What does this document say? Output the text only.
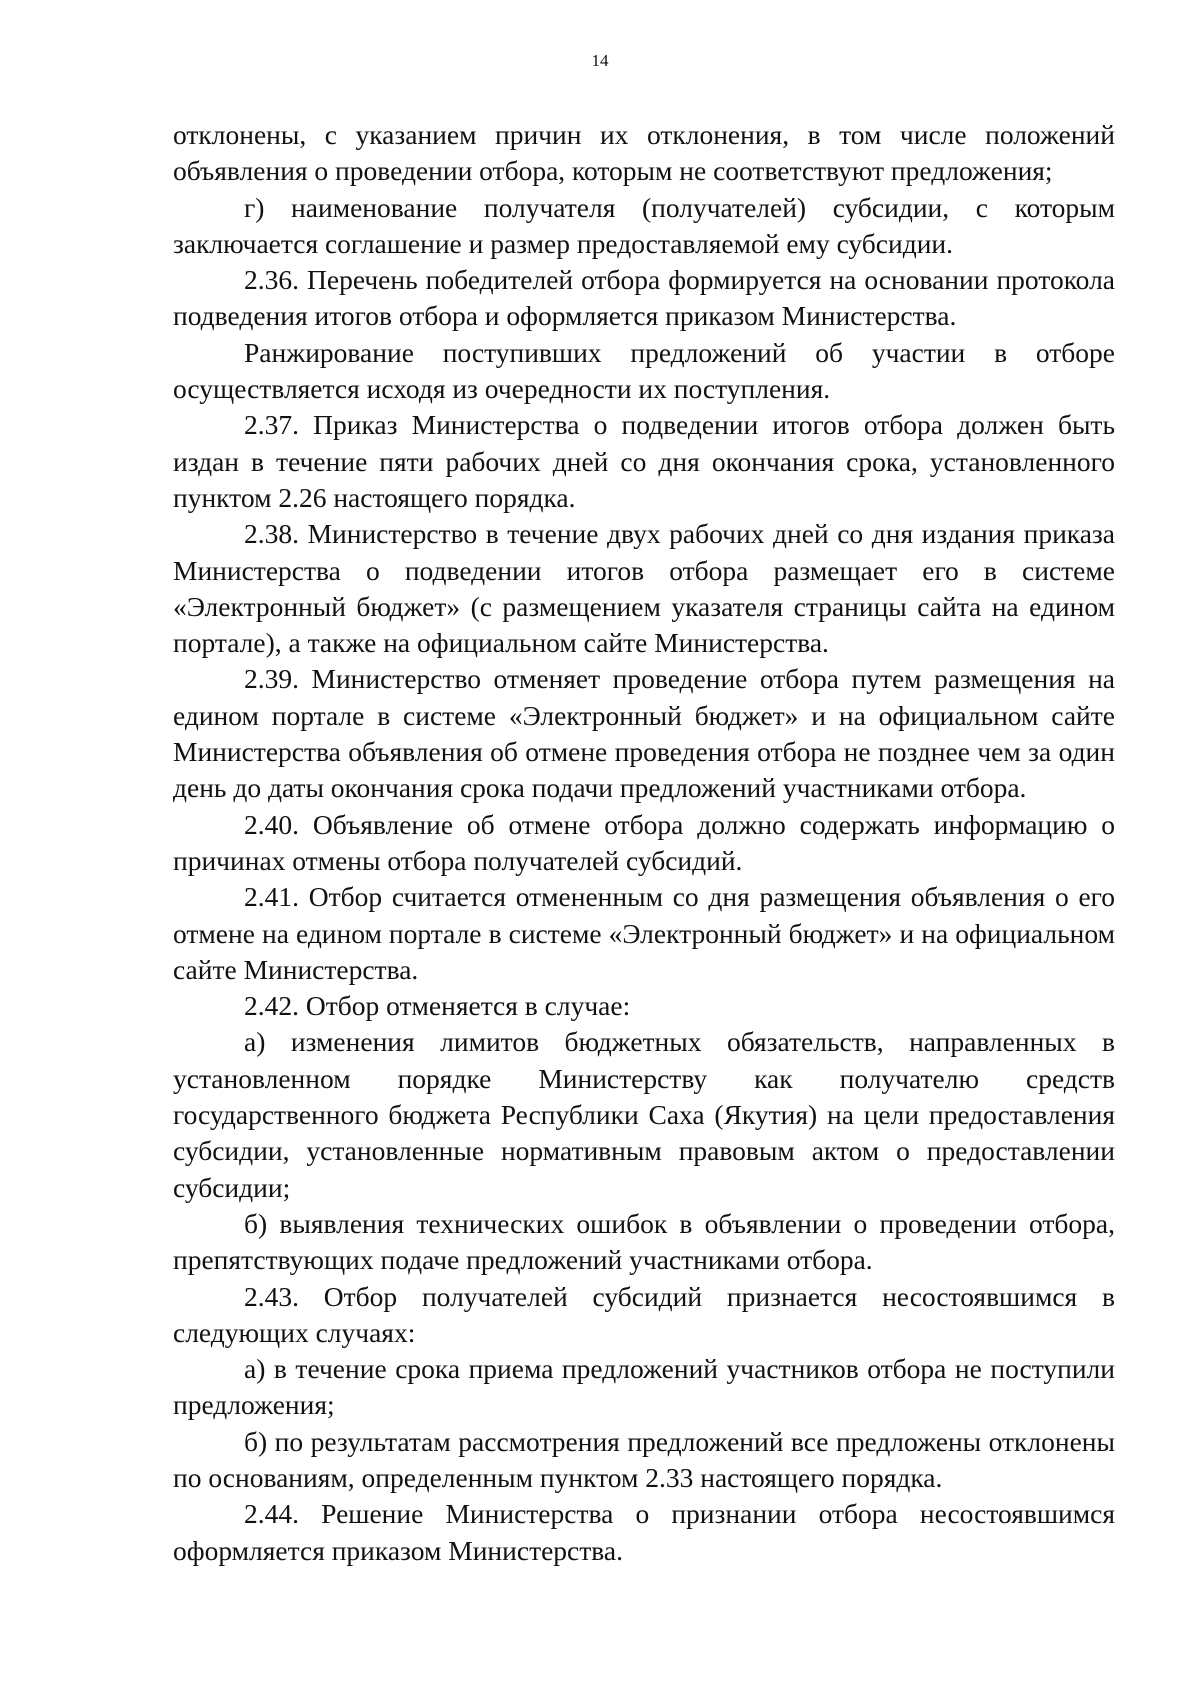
14

отклонены, с указанием причин их отклонения, в том числе положений объявления о проведении отбора, которым не соответствуют предложения;

г) наименование получателя (получателей) субсидии, с которым заключается соглашение и размер предоставляемой ему субсидии.

2.36. Перечень победителей отбора формируется на основании протокола подведения итогов отбора и оформляется приказом Министерства.

Ранжирование поступивших предложений об участии в отборе осуществляется исходя из очередности их поступления.

2.37. Приказ Министерства о подведении итогов отбора должен быть издан в течение пяти рабочих дней со дня окончания срока, установленного пунктом 2.26 настоящего порядка.

2.38. Министерство в течение двух рабочих дней со дня издания приказа Министерства о подведении итогов отбора размещает его в системе «Электронный бюджет» (с размещением указателя страницы сайта на едином портале), а также на официальном сайте Министерства.

2.39. Министерство отменяет проведение отбора путем размещения на едином портале в системе «Электронный бюджет» и на официальном сайте Министерства объявления об отмене проведения отбора не позднее чем за один день до даты окончания срока подачи предложений участниками отбора.

2.40. Объявление об отмене отбора должно содержать информацию о причинах отмены отбора получателей субсидий.

2.41. Отбор считается отмененным со дня размещения объявления о его отмене на едином портале в системе «Электронный бюджет» и на официальном сайте Министерства.

2.42. Отбор отменяется в случае:

а) изменения лимитов бюджетных обязательств, направленных в установленном порядке Министерству как получателю средств государственного бюджета Республики Саха (Якутия) на цели предоставления субсидии, установленные нормативным правовым актом о предоставлении субсидии;

б) выявления технических ошибок в объявлении о проведении отбора, препятствующих подаче предложений участниками отбора.

2.43. Отбор получателей субсидий признается несостоявшимся в следующих случаях:

а) в течение срока приема предложений участников отбора не поступили предложения;

б) по результатам рассмотрения предложений все предложены отклонены по основаниям, определенным пунктом 2.33 настоящего порядка.

2.44. Решение Министерства о признании отбора несостоявшимся оформляется приказом Министерства.
